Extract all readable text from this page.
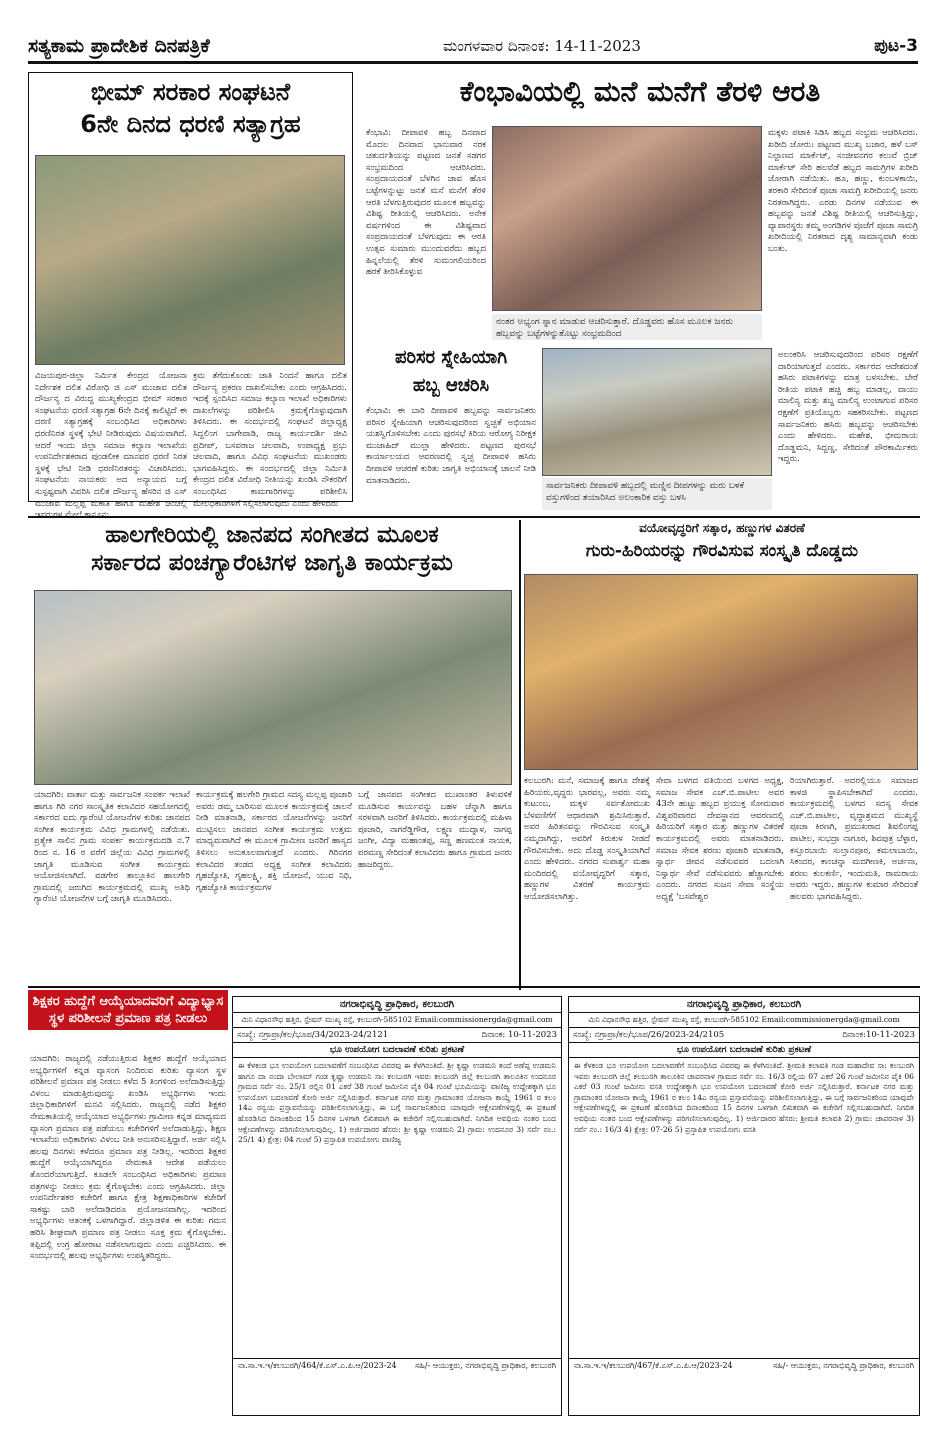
ಸತ್ಯಕಾಮ ಪ್ರಾದೇಶಿಕ ದಿನಪತ್ರಿಕೆ	ಮಂಗಳವಾರ ದಿನಾಂಕ: 14-11-2023	ಪುಟ-3
ಭೀಮ್ ಸರಕಾರ ಸಂಘಟನೆ
6ನೇ ದಿನದ ಧರಣಿ ಸತ್ಯಾಗ್ರಹ
ವಿಜಯಪುರ-ಜಿಲ್ಲಾ ನಿರ್ಮಿತ ಕೇಂದ್ರದ ಯೋಜನಾ ನಿರ್ದೇಶಕ ದಲಿತ ವಿರೋಧಿ ಜಿ ಎಸ್ ಮುಜಾವ ದಲಿತ ದೌರ್ಜನ್ಯ ದ ವಿರುದ್ಧ ಮುಖ್ಯಕೇಂದ್ರದ ಭೀಮ್ ಸರಕಾರ ಸಂಘಟನೆಯ ಧರಣಿ ಸತ್ಯಾಗ್ರಹ 6ನೇ ದಿನಕ್ಕೆ ಕಾಲಿಟ್ಟಿದೆ ಈ ದರಣಿ ಸತ್ಯಾಗ್ರಹಕ್ಕೆ ಸಂಬಂಧಿಸಿದ ಅಧಿಕಾರಿಗಳು ಧರಣಿನಿರತ ಸ್ಥಳಕ್ಕೆ ಭೇಟಿ ನೀಡಿರುವುದು ವಿಷಯವಾಗಿದೆ. ಆದರೆ ಇಂದು ಜಿಲ್ಲಾ ಸಮಾಜ ಕಲ್ಯಾಣ ಇಲಾಖೆಯ ಉಪನಿರ್ದೇಶಕರಾದ ಪುಂಡಲೀಕ ಮಾನವರ ಧರಣಿ ನಿರತ ಸ್ಥಳಕ್ಕೆ ಭೇಟಿ ನೀಡಿ ಧರಣಿನಿರತರನ್ನು ವಿಚಾರಿಸಿದರು. ಸಂಘಟನೆಯ ನಾಯಕರು ಅದ ಅನ್ಯಾಯದ ಬಗ್ಗೆ ಸುಸ್ಪಷ್ಟವಾಗಿ ವಿವರಿಸಿ ದಲಿತ ದೌರ್ಜನ್ಯ ಹೆಸರಿನ ಜಿ ಎಸ್ ಮುಜಾವ ಮಲ್ಲಪ್ಪ ಮಕಾತಿ ಹಾಗೂ ಮಹೇಶ ಚಿಂಚಲ್ಲಿ
ಕ್ರಮ ತೆಗೆದುಕೊಂಡು ಜಾತಿ ನಿಂದನೆ ಹಾಗೂ ದಲಿತ ದೌರ್ಜನ್ಯ ಪ್ರಕರಣ ದಾಖಲಿಸಬೇಕು ಎಂದು ಆಗ್ರಹಿಸಿದರು. ಇದಕ್ಕೆ ಸ್ಪಂದಿಸಿದ ಸಮಾಜ ಕಲ್ಯಾಣ ಇಲಾಖೆ ಅಧಿಕಾರಿಗಳು ದಾಖಲೆಗಳನ್ನು ಪರಿಶೀಲಿಸಿ ಕ್ರಮಕೈಗೊಳ್ಳುವುದಾಗಿ ತಿಳಿಸಿದರು. ಈ ಸಂದರ್ಭದಲ್ಲಿ ಸಂಘಟನೆ ಜಿಲ್ಲಾಧ್ಯಕ್ಷ ಸಿದ್ದಲಿಂಗ ಬಾಗೇವಾಡಿ, ರಾಜ್ಯ ಕಾರ್ಯದರ್ಶಿ ಜೀವಿ ಪ್ರದೀಪ್, ಬಸವರಾಜ ಚಲವಾದಿ, ಉಪಾಧ್ಯಕ್ಷ ಪ್ರಭು ಚಲವಾದಿ, ಹಾಗೂ ವಿವಿಧ ಸಂಘಟನೆಯ ಮುಖಂಡರು ಭಾಗವಹಿಸಿದ್ದರು. ಈ ಸಂದರ್ಭದಲ್ಲಿ ಜಿಲ್ಲಾ ನಿರ್ಮಿತಿ ಕೇಂದ್ರದ ದಲಿತ ವಿರೋಧಿ ನೀತಿಯನ್ನು ಖಂಡಿಸಿ ನೌಕರರಿಗೆ ಸಂಬಂಧಿಸಿದ ಕಾಮಗಾರಿಗಳನ್ನು ಪರಿಶೀಲಿಸಿ ಮೇಲಧಿಕಾರಿಗಳಿಗೆ ಸಲ್ಲಿಸಲಾಗುವುದು ಎಂದು ಹೇಳಿದರು
ಕೆಂಭಾವಿಯಲ್ಲಿ ಮನೆ ಮನೆಗೆ ತೆರಳಿ ಆರತಿ
ಕೆಂಭಾವಿ: ದೀಪಾವಳಿ ಹಬ್ಬ ದಿನವಾದ ಮೊದಲ ದಿನವಾದ ಭಾನುವಾರ ನರಕ ಚತುರ್ದಶಿಯನ್ನು ಪಟ್ಟಣದ ಜನತೆ ಸಡಗರ ಸಂಭ್ರಮದಿಂದ ಆಚರಿಸಿದರು. ಸಂಪ್ರದಾಯದಂತೆ ಬೆಳಗಿನ ಜಾವ ಹೊಸ ಬಟ್ಟೆಗಳನ್ನುಟ್ಟು ಜನತೆ ಮನೆ ಮನೆಗೆ ತೆರಳಿ ಆರತಿ ಬೆಳಗುತ್ತಿರುವುದರ ಮೂಲಕ ಹಬ್ಬವನ್ನು ವಿಶಿಷ್ಟ ರೀತಿಯಲ್ಲಿ ಆಚರಿಸಿದರು. ಅನೇಕ ವರ್ಷಗಳಿಂದ ಈ ವಿಶಿಷ್ಟವಾದ ಸಂಪ್ರದಾಯದಂತೆ ಬೆಳಗುವುದು ಈ ಆರತಿ ಉತ್ಸವ ಸುಮಾರು ಮುಂದುವರೆದು ಹಬ್ಬದ ಹಿನ್ನಲೆಯಲ್ಲಿ ತೆರಳಿ ಸುಮಂಗಲಿಯರಿಂದ ಹರಕೆ ತೀರಿಸಿಕೊಳ್ಳುವ
ನಂತರ ಅಭ್ಯಂಗ ಸ್ನಾನ ಮಾಡುವ ಆಚರಿಸುತ್ತಾರೆ. ದೊಡ್ಡವರು ಹೊಸ ಮೂಲಕ ಜನರು ಹಬ್ಬವನ್ನು ಬಟ್ಟೆಗಳನ್ನುತೊಟ್ಟು ಸಂಭ್ರಮದಿಂದ
ಮಕ್ಕಳು ಪಟಾಕಿ ಸಿಡಿಸಿ ಹಬ್ಬದ ಸಂಭ್ರಮ ಆಚರಿಸಿದರು. ಖರೀದಿ ಜೋರು: ಪಟ್ಟಣದ ಮುಖ್ಯ ಬಜಾರ, ಹಳೆ ಬಸ್ ನಿಲ್ದಾಣದ ಮಾರ್ಕೆಟ್, ಸಂಜೀವನಗರ ಕಲುವೆ ಬ್ರಿಜ್ ಮಾರ್ಕೆಟ್ ಸೇರಿ ಹಲವೆಡೆ ಹಬ್ಬದ ಸಾಮಗ್ರಿಗಳ ಖರೀದಿ ಜೋರಾಗಿ ನಡೆಯಿತು. ಹೂ, ಹಣ್ಣು, ಕುಂಬಳಕಾಯಿ, ತರಕಾರಿ ಸೇರಿದಂತೆ ಪೂಜಾ ಸಾಮಗ್ರಿ ಖರೀದಿಯಲ್ಲಿ ಜನರು ನಿರತರಾಗಿದ್ದರು. ಎರಡು ದಿನಗಳ ನಡೆಯುವ ಈ ಹಬ್ಬವನ್ನು ಜನತೆ ವಿಶಿಷ್ಟ ರೀತಿಯಲ್ಲಿ ಆಚರಿಸುತ್ತಿದ್ದು, ವ್ಯಾಪಾರಸ್ಥರು ತಮ್ಮ ಅಂಗಡಿಗಳ ಪೂಜೆಗೆ ಪೂಜಾ ಸಾಮಗ್ರಿ ಖರೀದಿಯಲ್ಲಿ ನಿರತರಾದ ದೃಶ್ಯ ಸಾಮಾನ್ಯವಾಗಿ ಕಂಡು ಬಂತು.
ಪರಿಸರ ಸ್ನೇಹಿಯಾಗಿ
ಹಬ್ಬ ಆಚರಿಸಿ
ಕೆಂಭಾವಿ: ಈ ಬಾರಿ ದೀಪಾವಳಿ ಹಬ್ಬವನ್ನು ಸಾರ್ವಜನಿಕರು ಪರಿಸರ ಸ್ನೇಹಿಯಾಗಿ ಆಚರಿಸುವುದರಿಂದ ಸ್ವಚ್ಛತೆ ಅಭಿಯಾನ ಯಶಸ್ವಿಗೊಳಿಸಬೇಕು ಎಂದು ಪುರಸಭೆ ಕಿರಿಯ ಆರೋಗ್ಯ ನಿರೀಕ್ಷಕ ಮುಜಾಹಿದ್ ಮುಲ್ಲಾ ಹೇಳಿದರು. ಪಟ್ಟಣದ ಪುರಸಭೆ ಕಾರ್ಯಾಲಯದ ಆವರಣದಲ್ಲಿ ಸ್ವಚ್ಛ ದೀಪಾವಳಿ ಹಸಿರು ದೀಪಾವಳಿ ಆಚರಣೆ ಕುರಿತು ಜಾಗೃತಿ ಅಭಿಯಾನಕ್ಕೆ ಚಾಲನೆ ನೀಡಿ ಮಾತನಾಡಿದರು.
ಸಾರ್ವಜನಿಕರು ದೀಪಾವಳಿ ಹಬ್ಬದಲ್ಲಿ ಮಣ್ಣಿನ ದೀಪಗಳನ್ನು ಮರು ಬಳಕೆ ವಸ್ತುಗಳಿಂದ ತಯಾರಿಸಿದ ಅಲಂಕಾರಿಕ ವಸ್ತು ಬಳಸಿ
ಅಲಂಕರಿಸಿ ಆಚರಿಸುವುದರಿಂದ ಪರಿಸರ ರಕ್ಷಣೆಗೆ ದಾರಿಯಾಗುತ್ತದೆ ಎಂದರು. ಸರ್ಕಾರದ ಆದೇಶದಂತೆ ಹಸಿರು ಪಟಾಕಿಗಳನ್ನು ಮಾತ್ರ ಬಳಸಬೇಕು. ಬೇರೆ ರೀತಿಯ ಪಟಾಕಿ ಹಚ್ಚಿ ಹಬ್ಬ ಮಾಡಲ್ಲ, ವಾಯು ಮಾಲಿನ್ಯ ಮತ್ತು ಶಬ್ದ ಮಾಲಿನ್ಯ ಉಂಟಾಗುವ ಪರಿಸರ ರಕ್ಷಣೆಗೆ ಪ್ರತಿಯೊಬ್ಬರು ಸಹಕರಿಸಬೇಕು. ಪಟ್ಟಣದ ಸಾರ್ವಜನಿಕರು ಹಸಿರು ಹಬ್ಬವನ್ನು ಆಚರಿಸಬೇಕು ಎಂದು ಹೇಳಿದರು. ಮಹೇಶ, ಭೀಮರಾಯ ದೊಡ್ಡಮನಿ, ಸಿದ್ದಣ್ಣ, ಸೇರಿದಂತೆ ಪೌರಕಾರ್ಮಿಕರು ಇದ್ದರು.
ಹಾಲಗೇರಿಯಲ್ಲಿ ಜಾನಪದ ಸಂಗೀತದ ಮೂಲಕ
ಸರ್ಕಾರದ ಪಂಚಗ್ಯಾರೆಂಟಿಗಳ ಜಾಗೃತಿ ಕಾರ್ಯಕ್ರಮ
ಯಾದಗಿರಿ: ವಾರ್ತಾ ಮತ್ತು ಸಾರ್ವಜನಿಕ ಸಂಪರ್ಕ ಇಲಾಖೆ ಹಾಗೂ ಗಿರಿ ನಗರ ಸಾಂಸ್ಕೃತಿಕ ಕಲಾವಿದರ ಸಹಯೋಗದಲ್ಲಿ ಸರ್ಕಾರದ ಐದು ಗ್ಯಾರೆಂಟಿ ಯೋಜನೆಗಳ ಕುರಿತು ಜಾನಪದ ಸಂಗೀತ ಕಾರ್ಯಕ್ರಮ ವಿವಿಧ ಗ್ರಾಮಗಳಲ್ಲಿ ನಡೆಯಿತು. ಪ್ರತ್ಯೇಕ ಸಾಲಿನ ಗ್ರಾಮ ಸಂಪರ್ಕ ಕಾರ್ಯಕ್ರಮದಡಿ ನ.7 ರಿಂದ ನ. 16 ರ ವರೆಗೆ ಜಿಲ್ಲೆಯ ವಿವಿಧ ಗ್ರಾಮಗಳಲ್ಲಿ ಜಾಗೃತಿ ಮೂಡಿಸುವ ಸಂಗೀತ ಕಾರ್ಯಕ್ರಮ ಆಯೋಜಿಸಲಾಗಿದೆ. ವಡಗೇರ ತಾಲ್ಲೂಕಿನ ಹಾಲಗೇರಿ ಗ್ರಾಮದಲ್ಲಿ ಜರುಗಿದ ಕಾರ್ಯಕ್ರಮದಲ್ಲಿ ಮುಖ್ಯ ಅತಿಥಿ ಗ್ಯಾರೆಂಟಿ ಯೋಜನೆಗಳ ಬಗ್ಗೆ ಜಾಗೃತಿ ಮೂಡಿಸಿದರು.
ಕಾರ್ಯಕ್ರಮಕ್ಕೆ ಹಲಗೇರಿ ಗ್ರಾಮದ ಸದಸ್ಯ ಮಲ್ಲಪ್ಪ ಪೂಜಾರಿ ಅವರು ಡಮ್ಮ ಬಾರಿಸುವ ಮೂಲಕ ಕಾರ್ಯಕ್ರಮಕ್ಕೆ ಚಾಲನೆ ನೀಡಿ ಮಾತನಾಡಿ, ಸರ್ಕಾರದ ಯೋಜನೆಗಳನ್ನು ಜನರಿಗೆ ಮುಟ್ಟಿಸಲು ಜಾನಪದ ಸಂಗೀತ ಕಾರ್ಯಕ್ರಮ ಉತ್ತಮ ಮಾಧ್ಯಮವಾಗಿದೆ ಈ ಮೂಲಕ ಗ್ರಾಮೀಣ ಜನರಿಗೆ ಹಾಸ್ಯದ ತಿಳಿಸಲು ಅನುಕೂಲವಾಗುತ್ತದೆ ಎಂದರು. ಗಿರಿನಗರ ಕಲಾವಿದರ ತಂಡದ ಅಧ್ಯಕ್ಷ ಸಂಗೀತ ಕಲಾವಿದರು ಗೃಹಜ್ಯೋತಿ, ಗೃಹಲಕ್ಷ್ಮಿ, ಶಕ್ತಿ ಯೋಜನೆ, ಯುವ ನಿಧಿ, ಗೃಹಜ್ಯೋತಿ ಕಾರ್ಯಕ್ರಮಗಳ
ಬಗ್ಗೆ ಜಾನಪದ ಸಂಗೀತದ ಮುಖಾಂತರ ತಿಳುವಳಿಕೆ ಮೂಡಿಸುವ ಕಾರ್ಯವನ್ನು ಬಹಳ ಚೆನ್ನಾಗಿ ಹಾಗೂ ಸರಳವಾಗಿ ಜನರಿಗೆ ತಿಳಿಸಿದರು. ಕಾರ್ಯಕ್ರಮದಲ್ಲಿ ಮಹಿಳಾ ಪೂಜಾರಿ, ನಾಗರೆಡ್ಡಿಗೌಡ, ಲಕ್ಷ್ಮಣ ಮುದ್ನಾಳ, ನಾಗಪ್ಪ ಜಂಗೀ, ವಿದ್ಯಾ ಮಹಾಂತಪ್ಪ, ಸಣ್ಣ ಹಣಮಂತ ನಾಯಕ, ಪರಮಣ್ಣ ಸೇರಿದಂತೆ ಕಲಾವಿದರು ಹಾಗೂ ಗ್ರಾಮದ ಜನರು ಹಾಜರಿದ್ದರು.
ವಯೋವೃದ್ಧರಿಗೆ ಸತ್ಕಾರ, ಹಣ್ಣುಗಳ ವಿತರಣೆ
ಗುರು-ಹಿರಿಯರನ್ನು ಗೌರವಿಸುವ ಸಂಸ್ಕೃತಿ ದೊಡ್ಡದು
ಕಲಬುರಗಿ: ಮನೆ, ಸಮಾಜಕ್ಕೆ ಹಾಗೂ ದೇಶಕ್ಕೆ ಹಿರಿಯರು,ವೃದ್ಧರು ಭಾರವಲ್ಲ, ಅವರು ನಮ್ಮ ಕುಟುಂಬ, ಮಕ್ಕಳ ಸರ್ವತೋಮುಖ ಬೆಳವಣಿಗೆಗೆ ಆಧಾರವಾಗಿ ಶ್ರಮಿಸಿರುತ್ತಾರೆ. ಅವರ ಹಿರಿತನವನ್ನು ಗೌರವಿಸುವ ಸಂಸ್ಕೃತಿ ನಮ್ಮದಾಗಿದ್ದು, ಅವರಿಗೆ ಕಿರುಕುಳ ನೀಡದೆ ಗೌರವಿಸಬೇಕು. ಅದು ದೊಡ್ಡ ಸಂಸ್ಕೃತಿಯಾಗಿದೆ ಎಂದು ಹೇಳಿದರು. ನಗರದ ಸುಪಾರ್ಶ್ವ ಮಹಾ ಮಂದಿರದಲ್ಲಿ ವಯೋವೃದ್ಧರಿಗೆ ಸತ್ಕಾರ, ಹಣ್ಣುಗಳ ವಿತರಣೆ ಕಾರ್ಯಕ್ರಮ ಆಯೋಜಿಸಲಾಗಿತ್ತು.
ಸೇವಾ ಬಳಗದ ವತಿಯಿಂದ ಬಳಗದ ಅಧ್ಯಕ್ಷ, ಸಮಾಜ ಸೇವಕ ಎಚ್.ಬಿ.ಪಾಟೀಲ ಅವರ 43ನೇ ಹುಟ್ಟು ಹಬ್ಬದ ಪ್ರಯುಕ್ತ ಸೋಮವಾರ ವಿಶ್ವಪರಿವಾರದ ದೇವಸ್ಥಾನದ ಆವರಣದಲ್ಲಿ ಹಿರಿಯರಿಗೆ ಸತ್ಕಾರ ಮತ್ತು ಹಣ್ಣುಗಳ ವಿತರಣೆ ಕಾರ್ಯಕ್ರಮದಲ್ಲಿ ಅವರು ಮಾತನಾಡಿದರು. ಸಮಾಜ ಸೇವಕ ಶರಣು ಪೂಜಾರಿ ಮಾತನಾಡಿ, ಸ್ವಾರ್ಥ ಜೀವನ ನಡೆಸುವವರ ಬದಲಾಗಿ ನಿಸ್ವಾರ್ಥ ಸೇವೆ ನಡೆಸುವವರು ಹೆಚ್ಚಾಗಬೇಕು ಎಂದರು. ನಗರದ ಸುಜನ ಸೇವಾ ಸಂಸ್ಥೆಯ ಅಧ್ಯಕ್ಷೆ 'ಬಸವೇಶ್ವರ
ರಿಯಾಗಿರುತ್ತಾರೆ. ಅದರಲ್ಲಿಯೂ ಸಮಾಜದ ಕಾಳಜಿ ಸ್ಥಾಪಿಸಬೇಕಾಗಿದೆ ಎಂದರು. ಕಾರ್ಯಕ್ರಮದಲ್ಲಿ ಬಳಗದ ಸದಸ್ಯ ಸೇವಕ ಎಚ್.ಬಿ.ಪಾಟೀಲ, ವೃದ್ಧಾಶ್ರಮದ ಮುಖ್ಯಸ್ಥೆ ಪೂಜಾ ಕಿರಣಗಿ, ಪ್ರಮುಖರಾದ ಶಿವಲಿಂಗಪ್ಪ ಪಾಟೀಲ, ಸುಭದ್ರಾ ನಾಗೂರ, ಶಿವಪುತ್ರ ಬೆಳ್ಳಾರ, ಕಸ್ತೂರಬಾಯಿ ಸುಲ್ತಾನಪೂರ, ಕಮಲಾಬಾಯಿ, ಸಿಕಂದರ, ಕಾಂಚನ್ನಾ ಮದಗೀಣಕಿ, ಅರ್ಚನಾ, ಶರಣು ಕುಲಕರ್ಣಿ, ಇಂದುಮತಿ, ರಾಮರಾಯ ಅವರು ಇದ್ದರು. ಹಣ್ಣುಗಳ ಕುಮಾರ ಸೇರಿದಂತೆ ಹಲವರು ಭಾಗವಹಿಸಿದ್ದರು.
ಶಿಕ್ಷಕರ ಹುದ್ದೆಗೆ ಆಯ್ಕೆಯಾದವರಿಗೆ ವಿದ್ಯಾಭ್ಯಾಸ ಸ್ಥಳ ಪರಿಶೀಲನೆ ಪ್ರಮಾಣ ಪತ್ರ ನೀಡಲು
ಯಾದಗಿರಿ: ರಾಜ್ಯದಲ್ಲಿ ನಡೆಯುತ್ತಿರುವ ಶಿಕ್ಷಕರ ಹುದ್ದೆಗೆ ಆಯ್ಕೆಯಾದ ಅಭ್ಯರ್ಥಿಗಳಿಗೆ ಕನ್ನಡ ವ್ಯಾಸಂಗ ನಿಂದಿರುವ ಕುರಿತು ವ್ಯಾಸಂಗ ಸ್ಥಳ ಪರಿಶೀಲನೆ ಪ್ರಮಾಣ ಪತ್ರ ನೀಡಲು ಕಳೆದ 5 ತಿಂಗಳಿಂದ ಅಲೆದಾಡಿಸುತ್ತಿದ್ದು ವಿಳಂಬ ಮಾಡುತ್ತಿರುವುದನ್ನು ಖಂಡಿಸಿ ಅಭ್ಯರ್ಥಿಗಳು ಇಂದು ಜಿಲ್ಲಾಧಿಕಾರಿಗಳಿಗೆ ಮನವಿ ಸಲ್ಲಿಸಿದರು. ರಾಜ್ಯದಲ್ಲಿ ನಡೆದ ಶಿಕ್ಷಕರ ನೇಮಕಾತಿಯಲ್ಲಿ ಆಯ್ಕೆಯಾದ ಅಭ್ಯರ್ಥಿಗಳು ಗ್ರಾಮೀಣ ಕನ್ನಡ ಮಾಧ್ಯಮದ ವ್ಯಾಸಂಗ ಪ್ರಮಾಣ ಪತ್ರ ಪಡೆಯಲು ಕಚೇರಿಗಳಿಗೆ ಅಲೆದಾಡುತ್ತಿದ್ದು, ಶಿಕ್ಷಣ ಇಲಾಖೆಯ ಅಧಿಕಾರಿಗಳು ವಿಳಂಬ ನೀತಿ ಅನುಸರಿಸುತ್ತಿದ್ದಾರೆ. ಅರ್ಜಿ ಸಲ್ಲಿಸಿ ಹಲವು ದಿನಗಳು ಕಳೆದರೂ ಪ್ರಮಾಣ ಪತ್ರ ನೀಡಿಲ್ಲ. ಇದರಿಂದ ಶಿಕ್ಷಕರ ಹುದ್ದೆಗೆ ಆಯ್ಕೆಯಾಗಿದ್ದರೂ ನೇಮಕಾತಿ ಆದೇಶ ಪಡೆಯಲು ತೊಂದರೆಯಾಗುತ್ತಿದೆ. ಕೂಡಲೇ ಸಂಬಂಧಿಸಿದ ಅಧಿಕಾರಿಗಳು ಪ್ರಮಾಣ ಪತ್ರಗಳನ್ನು ನೀಡಲು ಕ್ರಮ ಕೈಗೊಳ್ಳಬೇಕು ಎಂದು ಆಗ್ರಹಿಸಿದರು. ಜಿಲ್ಲಾ ಉಪನಿರ್ದೇಶಕರ ಕಚೇರಿಗೆ ಹಾಗೂ ಕ್ಷೇತ್ರ ಶಿಕ್ಷಣಾಧಿಕಾರಿಗಳ ಕಚೇರಿಗೆ ಸಾಕಷ್ಟು ಬಾರಿ ಅಲೆದಾಡಿದರೂ ಪ್ರಯೋಜನವಾಗಿಲ್ಲ. ಇದರಿಂದ ಅಭ್ಯರ್ಥಿಗಳು ಆತಂಕಕ್ಕೆ ಒಳಗಾಗಿದ್ದಾರೆ. ಜಿಲ್ಲಾಡಳಿತ ಈ ಕುರಿತು ಗಮನ ಹರಿಸಿ ಶೀಘ್ರವಾಗಿ ಪ್ರಮಾಣ ಪತ್ರ ನೀಡಲು ಸೂಕ್ತ ಕ್ರಮ ಕೈಗೊಳ್ಳಬೇಕು. ತಪ್ಪಿದಲ್ಲಿ ಉಗ್ರ ಹೋರಾಟ ನಡೆಸಲಾಗುವುದು ಎಂದು ಎಚ್ಚರಿಸಿದರು. ಈ ಸಂದರ್ಭದಲ್ಲಿ ಹಲವು ಅಭ್ಯರ್ಥಿಗಳು ಉಪಸ್ಥಿತರಿದ್ದರು.
ನಗರಾಭಿವೃದ್ಧಿ ಪ್ರಾಧಿಕಾರ, ಕಲಬುರಗಿ
ಮಿನಿ ವಿಧಾನಸೌಧ ಹತ್ತಿರ, ಸ್ಟೇಷನ್ ಮುಖ್ಯ ರಸ್ತೆ, ಕಲಬುರಗಿ-585102 Email:commissionergda@gmail.com
ಸಂಖ್ಯೆ: ನಗ್ರಾಪ್ರಾ/ಕಲ/ಭೂಪ/34/2023-24/2121	ದಿನಾಂಕ: 10-11-2023
ಭೂ ಉಪಯೋಗ ಬದಲಾವಣೆ ಕುರಿತು ಪ್ರಕಟಣೆ
ಈ ಕೆಳಕಂಡ ಭೂ ಉಪಯೋಗ ಬದಲಾವಣೆಗೆ ಸಂಬಂಧಿಸಿದ ವಿವರವು ಈ ಕೆಳಗಿನಂತಿದೆ. ಶ್ರೀ ಕೃಷ್ಣಾ ಉಡಮನಿ ತಂದೆ ಅಣೆಪ್ಪ ಉಡಮನಿ ಹಾಗೂ ದಾ ನಂದಾ ಬೇಲಾಮ್ ಗಂಡ ಕೃಷ್ಣಾ ಉಡಮನಿ ಸಾ: ಕಲಬುರಗಿ ಇವರು ಕಲಬುರಗಿ ಜಿಲ್ಲೆ ಕಲಬುರಗಿ ತಾಲೂಕಿನ ಉದನೂರ ಗ್ರಾಮದ ಸರ್ವೆ ನಂ. 25/1 ರಲ್ಲಿನ 01 ಎಕರೆ 38 ಗುಂಟೆ ಜಮೀನಿನ ಪೈಕಿ 04 ಗುಂಟೆ ಭೂಮಿಯನ್ನು ವಾಣಿಜ್ಯ ಉದ್ದೇಶಕ್ಕಾಗಿ ಭೂ ಉಪಯೋಗ ಬದಲಾವಣೆ ಕೋರಿ ಅರ್ಜಿ ಸಲ್ಲಿಸಿರುತ್ತಾರೆ. ಕರ್ನಾಟಕ ನಗರ ಮತ್ತು ಗ್ರಾಮಾಂತರ ಯೋಜನಾ ಕಾಯ್ದೆ 1961 ರ ಕಲಂ 14ಎ ರನ್ವಯ ಪ್ರಸ್ತಾವನೆಯನ್ನು ಪರಿಶೀಲಿಸಲಾಗುತ್ತಿದ್ದು, ಈ ಬಗ್ಗೆ ಸಾರ್ವಜನಿಕರಿಂದ ಯಾವುದೇ ಆಕ್ಷೇಪಣೆಗಳಿದ್ದಲ್ಲಿ ಈ ಪ್ರಕಟಣೆ ಹೊರಡಿಸಿದ ದಿನಾಂಕದಿಂದ 15 ದಿನಗಳ ಒಳಗಾಗಿ ಲಿಖಿತವಾಗಿ ಈ ಕಚೇರಿಗೆ ಸಲ್ಲಿಸಬಹುದಾಗಿದೆ. ನಿಗದಿತ ಅವಧಿಯ ನಂತರ ಬಂದ ಆಕ್ಷೇಪಣೆಗಳನ್ನು ಪರಿಗಣಿಸಲಾಗುವುದಿಲ್ಲ. 1) ಅರ್ಜಿದಾರರ ಹೆಸರು: ಶ್ರೀ ಕೃಷ್ಣಾ ಉಡಮನಿ 2) ಗ್ರಾಮ: ಉದನೂರ 3) ಸರ್ವೆ ನಂ.: 25/1 4) ಕ್ಷೇತ್ರ: 04 ಗುಂಟೆ 5) ಪ್ರಸ್ತಾಪಿತ ಉಪಯೋಗ: ವಾಣಿಜ್ಯ
ನಾ.ಸಾ.ಇ.ಇ/ಕಲಬುರಗಿ/464/ಕೆ.ಎಸ್.ಎ.ಪಿ.ಆ/2023-24 ಸಹಿ/- ಆಯುಕ್ತರು, ನಗರಾಭಿವೃದ್ಧಿ ಪ್ರಾಧಿಕಾರ, ಕಲಬುರಗಿ
ನಗರಾಭಿವೃದ್ಧಿ ಪ್ರಾಧಿಕಾರ, ಕಲಬುರಗಿ
ಮಿನಿ ವಿಧಾನಸೌಧ ಹತ್ತಿರ, ಸ್ಟೇಷನ್ ಮುಖ್ಯ ರಸ್ತೆ, ಕಲಬುರಗಿ-585102 Email:commissionergda@gmail.com
ಸಂಖ್ಯೆ: ನಗ್ರಾಪ್ರಾ/ಕಲ/ಭೂಪ/26/2023-24/2105	ದಿನಾಂಕ:10-11-2023
ಭೂ ಉಪಯೋಗ ಬದಲಾವಣೆ ಕುರಿತು ಪ್ರಕಟಣೆ
ಈ ಕೆಳಕಂಡ ಭೂ ಉಪಯೋಗ ಬದಲಾವಣೆಗೆ ಸಂಬಂಧಿಸಿದ ವಿವರವು ಈ ಕೆಳಗಿನಂತಿದೆ. ಶ್ರೀಮತಿ ಕಲಾವತಿ ಗಂಡ ಮಹಾದೇವ ಸಾ: ಕಲಬುರಗಿ ಇವರು ಕಲಬುರಗಿ ಜಿಲ್ಲೆ ಕಲಬುರಗಿ ತಾಲೂಕಿನ ಚಾಪರನಾಳ ಗ್ರಾಮದ ಸರ್ವೆ ನಂ. 16/3 ರಲ್ಲಿಯ 07 ಎಕರೆ 26 ಗುಂಟೆ ಜಮೀನಿನ ಪೈಕಿ 06 ಎಕರೆ 03 ಗುಂಟೆ ಜಮೀನು ವಸತಿ ಉದ್ದೇಶಕ್ಕಾಗಿ ಭೂ ಉಪಯೋಗ ಬದಲಾವಣೆ ಕೋರಿ ಅರ್ಜಿ ಸಲ್ಲಿಸಿರುತ್ತಾರೆ. ಕರ್ನಾಟಕ ನಗರ ಮತ್ತು ಗ್ರಾಮಾಂತರ ಯೋಜನಾ ಕಾಯ್ದೆ 1961 ರ ಕಲಂ 14ಎ ರನ್ವಯ ಪ್ರಸ್ತಾವನೆಯನ್ನು ಪರಿಶೀಲಿಸಲಾಗುತ್ತಿದ್ದು, ಈ ಬಗ್ಗೆ ಸಾರ್ವಜನಿಕರಿಂದ ಯಾವುದೇ ಆಕ್ಷೇಪಣೆಗಳಿದ್ದಲ್ಲಿ ಈ ಪ್ರಕಟಣೆ ಹೊರಡಿಸಿದ ದಿನಾಂಕದಿಂದ 15 ದಿನಗಳ ಒಳಗಾಗಿ ಲಿಖಿತವಾಗಿ ಈ ಕಚೇರಿಗೆ ಸಲ್ಲಿಸಬಹುದಾಗಿದೆ. ನಿಗದಿತ ಅವಧಿಯ ನಂತರ ಬಂದ ಆಕ್ಷೇಪಣೆಗಳನ್ನು ಪರಿಗಣಿಸಲಾಗುವುದಿಲ್ಲ. 1) ಅರ್ಜಿದಾರರ ಹೆಸರು: ಶ್ರೀಮತಿ ಕಲಾವತಿ 2) ಗ್ರಾಮ: ಚಾಪರನಾಳ 3) ಸರ್ವೆ ನಂ.: 16/3 4) ಕ್ಷೇತ್ರ: 07-26 5) ಪ್ರಸ್ತಾಪಿತ ಉಪಯೋಗ: ವಸತಿ
ನಾ.ಸಾ.ಇ.ಇ/ಕಲಬುರಗಿ/467/ಕೆ.ಎಸ್.ಎ.ಪಿ.ಆ/2023-24	ಸಹಿ/- ಆಯುಕ್ತರು, ನಗರಾಭಿವೃದ್ಧಿ ಪ್ರಾಧಿಕಾರ, ಕಲಬುರಗಿ
